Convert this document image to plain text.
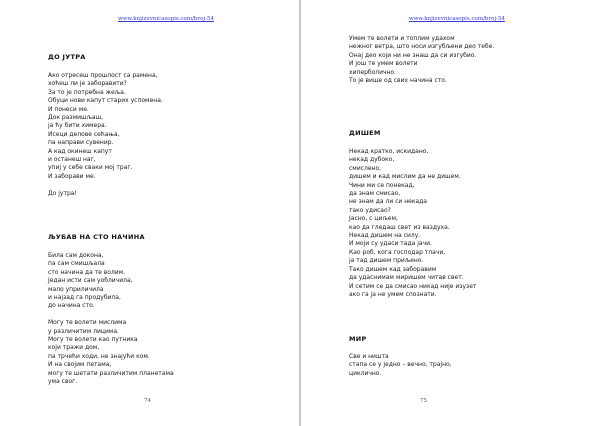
www.knjizevnicasopis.com/broj-54
ДО ЈУТРА
Ако отресеш прошлост са рамена,
хоћеш ли је заборавити?
За то је потребна жеља.
Обуци нови капут старих успомена.
И понеси ме.
Док размишљаш,
ја ћу бити химера.
Исеци делове сећања,
па направи сувенир.
А кад окинеш капут
и останеш наг,
упиј у себе сваки мој траг.
И заборави ме.

До јутра!
ЉУБАВ НА СТО НАЧИНА
Била сам докона,
па сам смишљала
сто начина да те волим.
Један исти сам уобличила,
мало уприличила
и најзад га продубила,
до начина сто.

Могу те волети мислима
у различитим лицима.
Могу те волети као путника
који тражи дом,
па трчећи ходи, не знајући ком.
И на својим петама,
могу те шетати различитим планетама
ума свог.
74
www.knjizevnicasopis.com/broj-54
Умем те волети и топлим удахом
нежног ветра, што носи изгубљени део тебе.
Онај део који ни не знаш да си изгубио.
И још те умем волети
хиперболично.
То је више од свих начина сто.
ДИШЕМ
Некад кратко, искидано,
некад дубоко,
смислено,
дишем и кад мислим да не дишем.
Чини ми се понекад,
да знам смисао,
не знам да ли си некада
тако удисао?
Јасно, с циљем,
као да гледаш свет из ваздуха.
Некад дишем на силу.
И моји су удаси тада јачи.
Као роб, кога господар тлачи,
ја тад дишем приљено.
Тако дишем кад заборавим
да удаснимам миришем читав свет.
И сетим се да смисао никад није изузет
ако га ја не умем спознати.
МИР
Све и ништа
стапа се у једно – вечно, трајно,
циклично.
75
